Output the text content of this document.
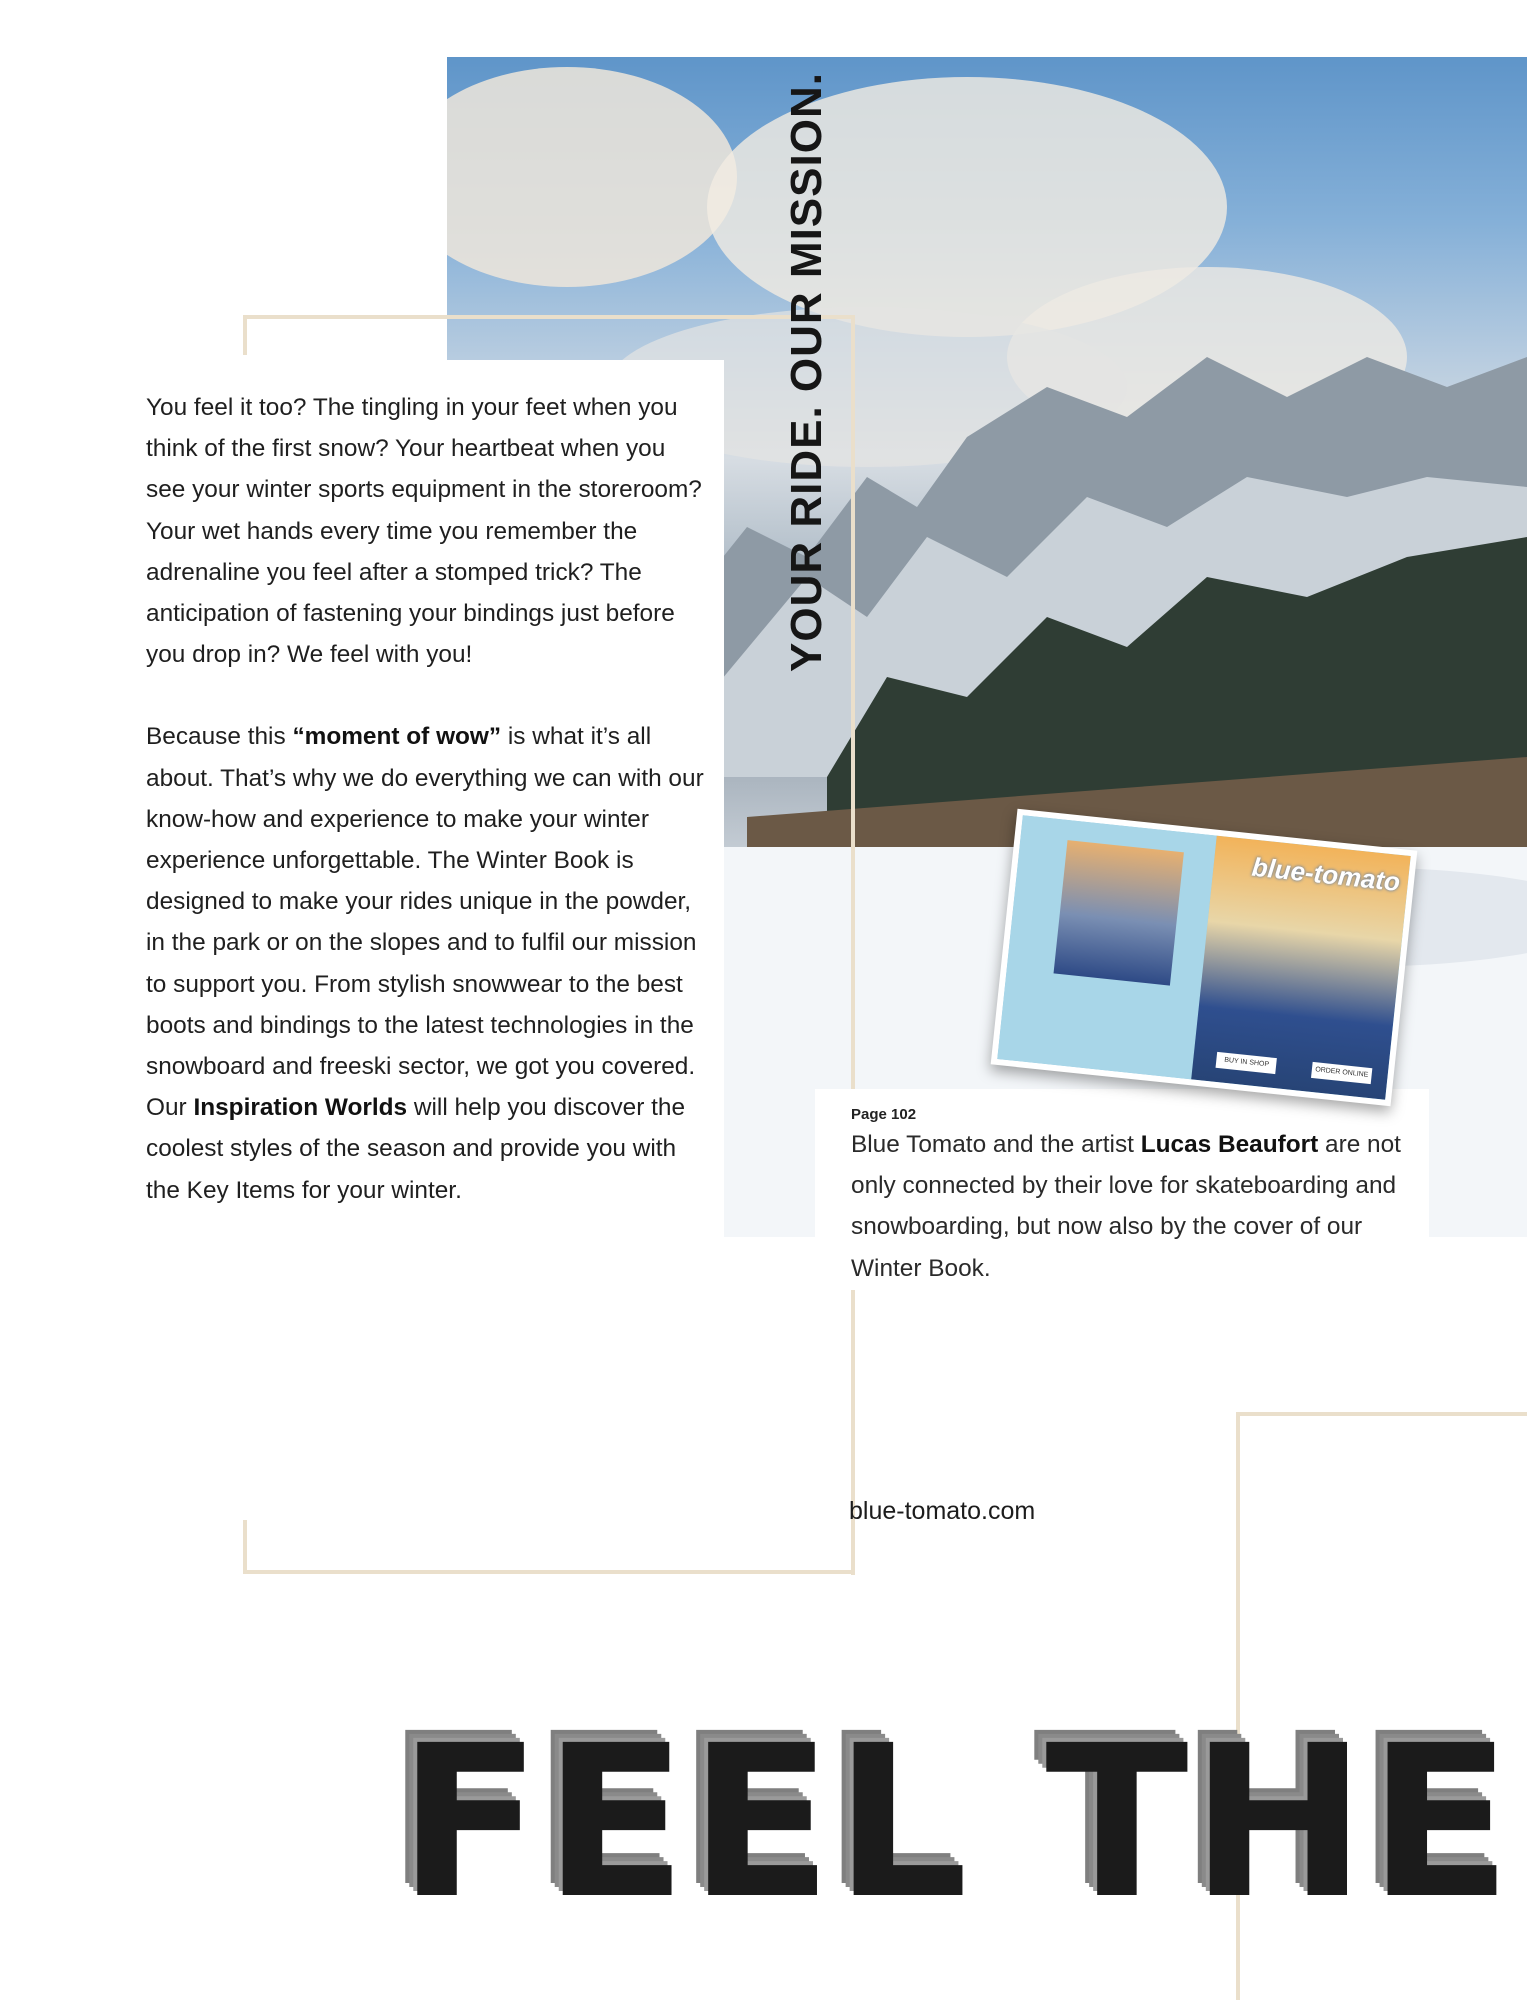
You feel it too? The tingling in your feet when you think of the first snow? Your heartbeat when you see your winter sports equipment in the storeroom? Your wet hands every time you remember the adrenaline you feel after a stomped trick? The anticipation of fastening your bindings just before you drop in? We feel with you!

Because this “moment of wow” is what it’s all about. That’s why we do everything we can with our know-how and experience to make your winter experience unforgettable. The Winter Book is designed to make your rides unique in the powder, in the park or on the slopes and to fulfil our mission to support you. From stylish snowwear to the best boots and bindings to the latest technologies in the snowboard and freeski sector, we got you covered. Our Inspiration Worlds will help you discover the coolest styles of the season and provide you with the Key Items for your winter.

YOUR RIDE. OUR MISSION.
blue-tomato
BUY IN SHOP
ORDER ONLINE
Page 102
Blue Tomato and the artist Lucas Beaufort are not only connected by their love for skateboarding and snowboarding, but now also by the cover of our Winter Book.
blue-tomato.com
FEEL THE
